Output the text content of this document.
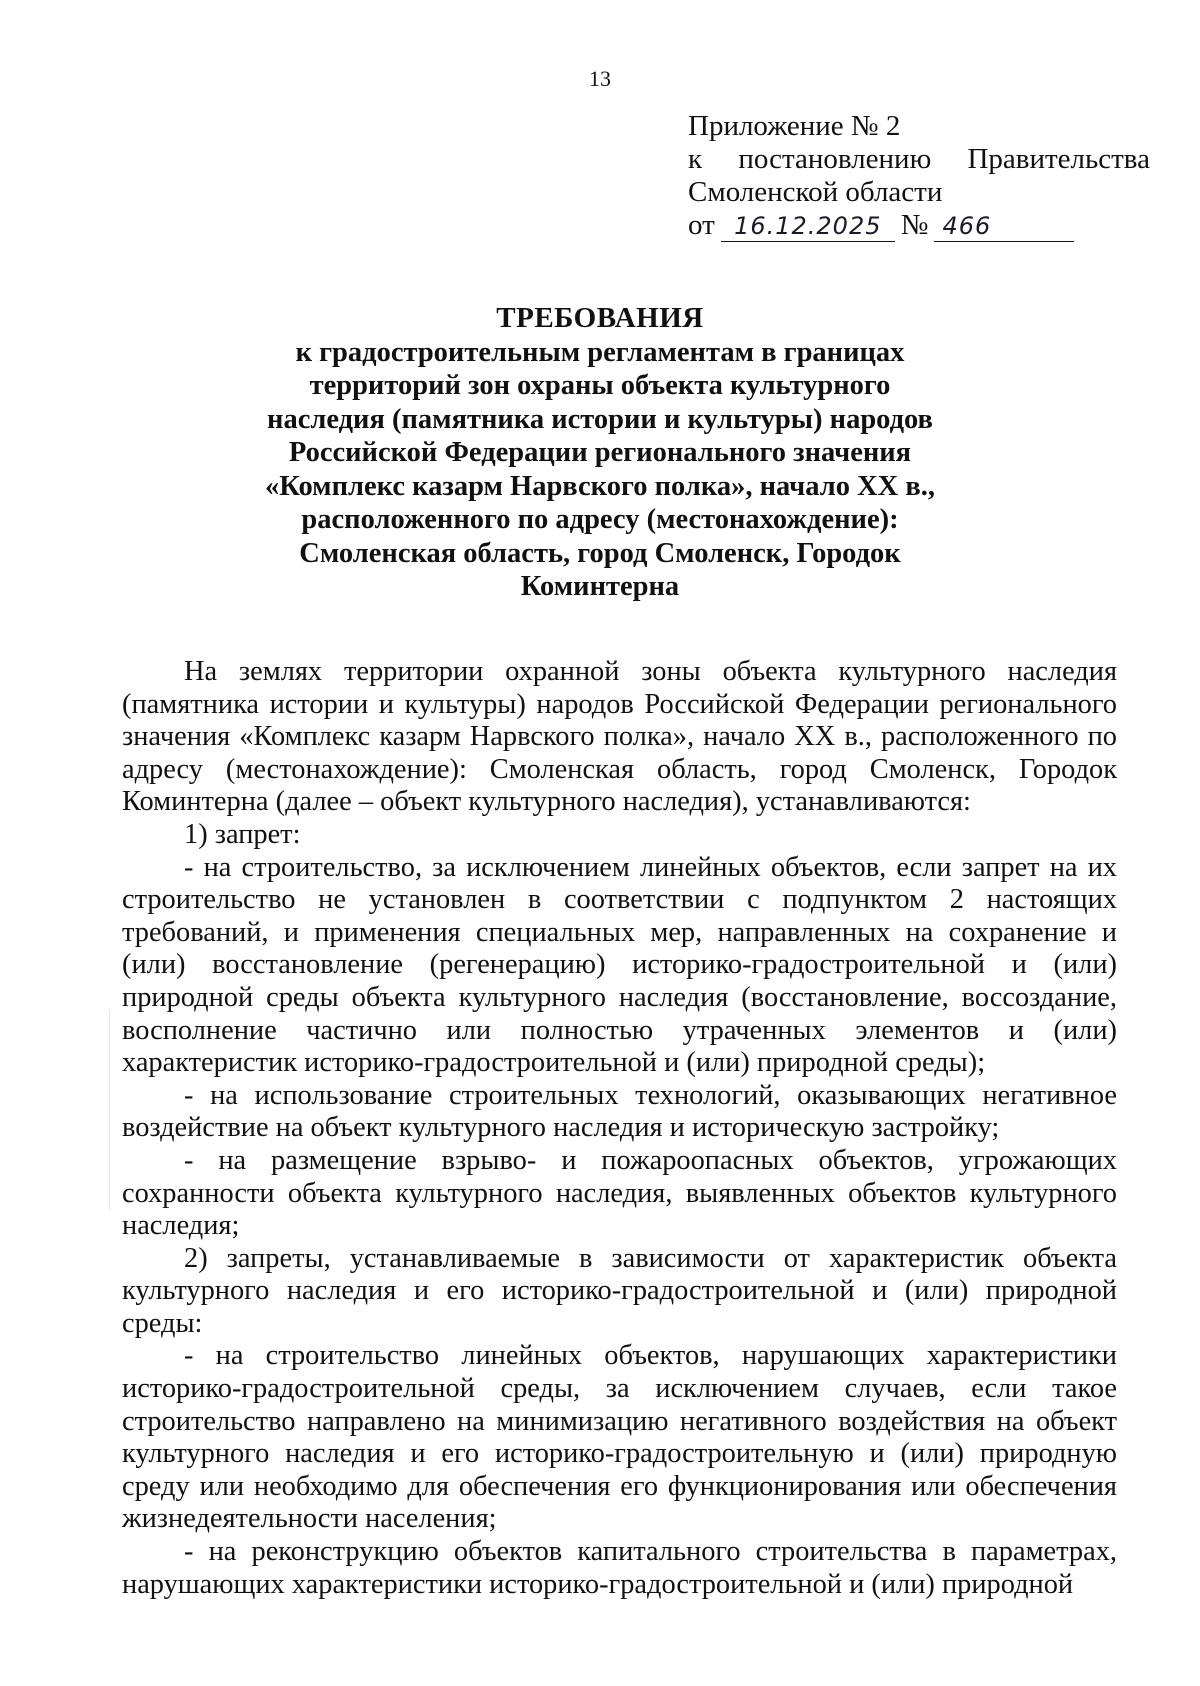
13
Приложение № 2
к постановлению Правительства
Смоленской области
от 16.12.2025 № 466
ТРЕБОВАНИЯ
к градостроительным регламентам в границах
территорий зон охраны объекта культурного
наследия (памятника истории и культуры) народов
Российской Федерации регионального значения
«Комплекс казарм Нарвского полка», начало XX в.,
расположенного по адресу (местонахождение):
Смоленская область, город Смоленск, Городок
Коминтерна

На землях территории охранной зоны объекта культурного наследия (памятника истории и культуры) народов Российской Федерации регионального значения «Комплекс казарм Нарвского полка», начало XX в., расположенного по адресу (местонахождение): Смоленская область, город Смоленск, Городок Коминтерна (далее – объект культурного наследия), устанавливаются:

1) запрет:

- на строительство, за исключением линейных объектов, если запрет на их строительство не установлен в соответствии с подпунктом 2 настоящих требований, и применения специальных мер, направленных на сохранение и (или) восстановление (регенерацию) историко-градостроительной и (или) природной среды объекта культурного наследия (восстановление, воссоздание, восполнение частично или полностью утраченных элементов и (или) характеристик историко-градостроительной и (или) природной среды);

- на использование строительных технологий, оказывающих негативное воздействие на объект культурного наследия и историческую застройку;

- на размещение взрыво- и пожароопасных объектов, угрожающих сохранности объекта культурного наследия, выявленных объектов культурного наследия;

2) запреты, устанавливаемые в зависимости от характеристик объекта культурного наследия и его историко-градостроительной и (или) природной среды:

- на строительство линейных объектов, нарушающих характеристики историко-градостроительной среды, за исключением случаев, если такое строительство направлено на минимизацию негативного воздействия на объект культурного наследия и его историко-градостроительную и (или) природную среду или необходимо для обеспечения его функционирования или обеспечения жизнедеятельности населения;

- на реконструкцию объектов капитального строительства в параметрах, нарушающих характеристики историко-градостроительной и (или) природной
